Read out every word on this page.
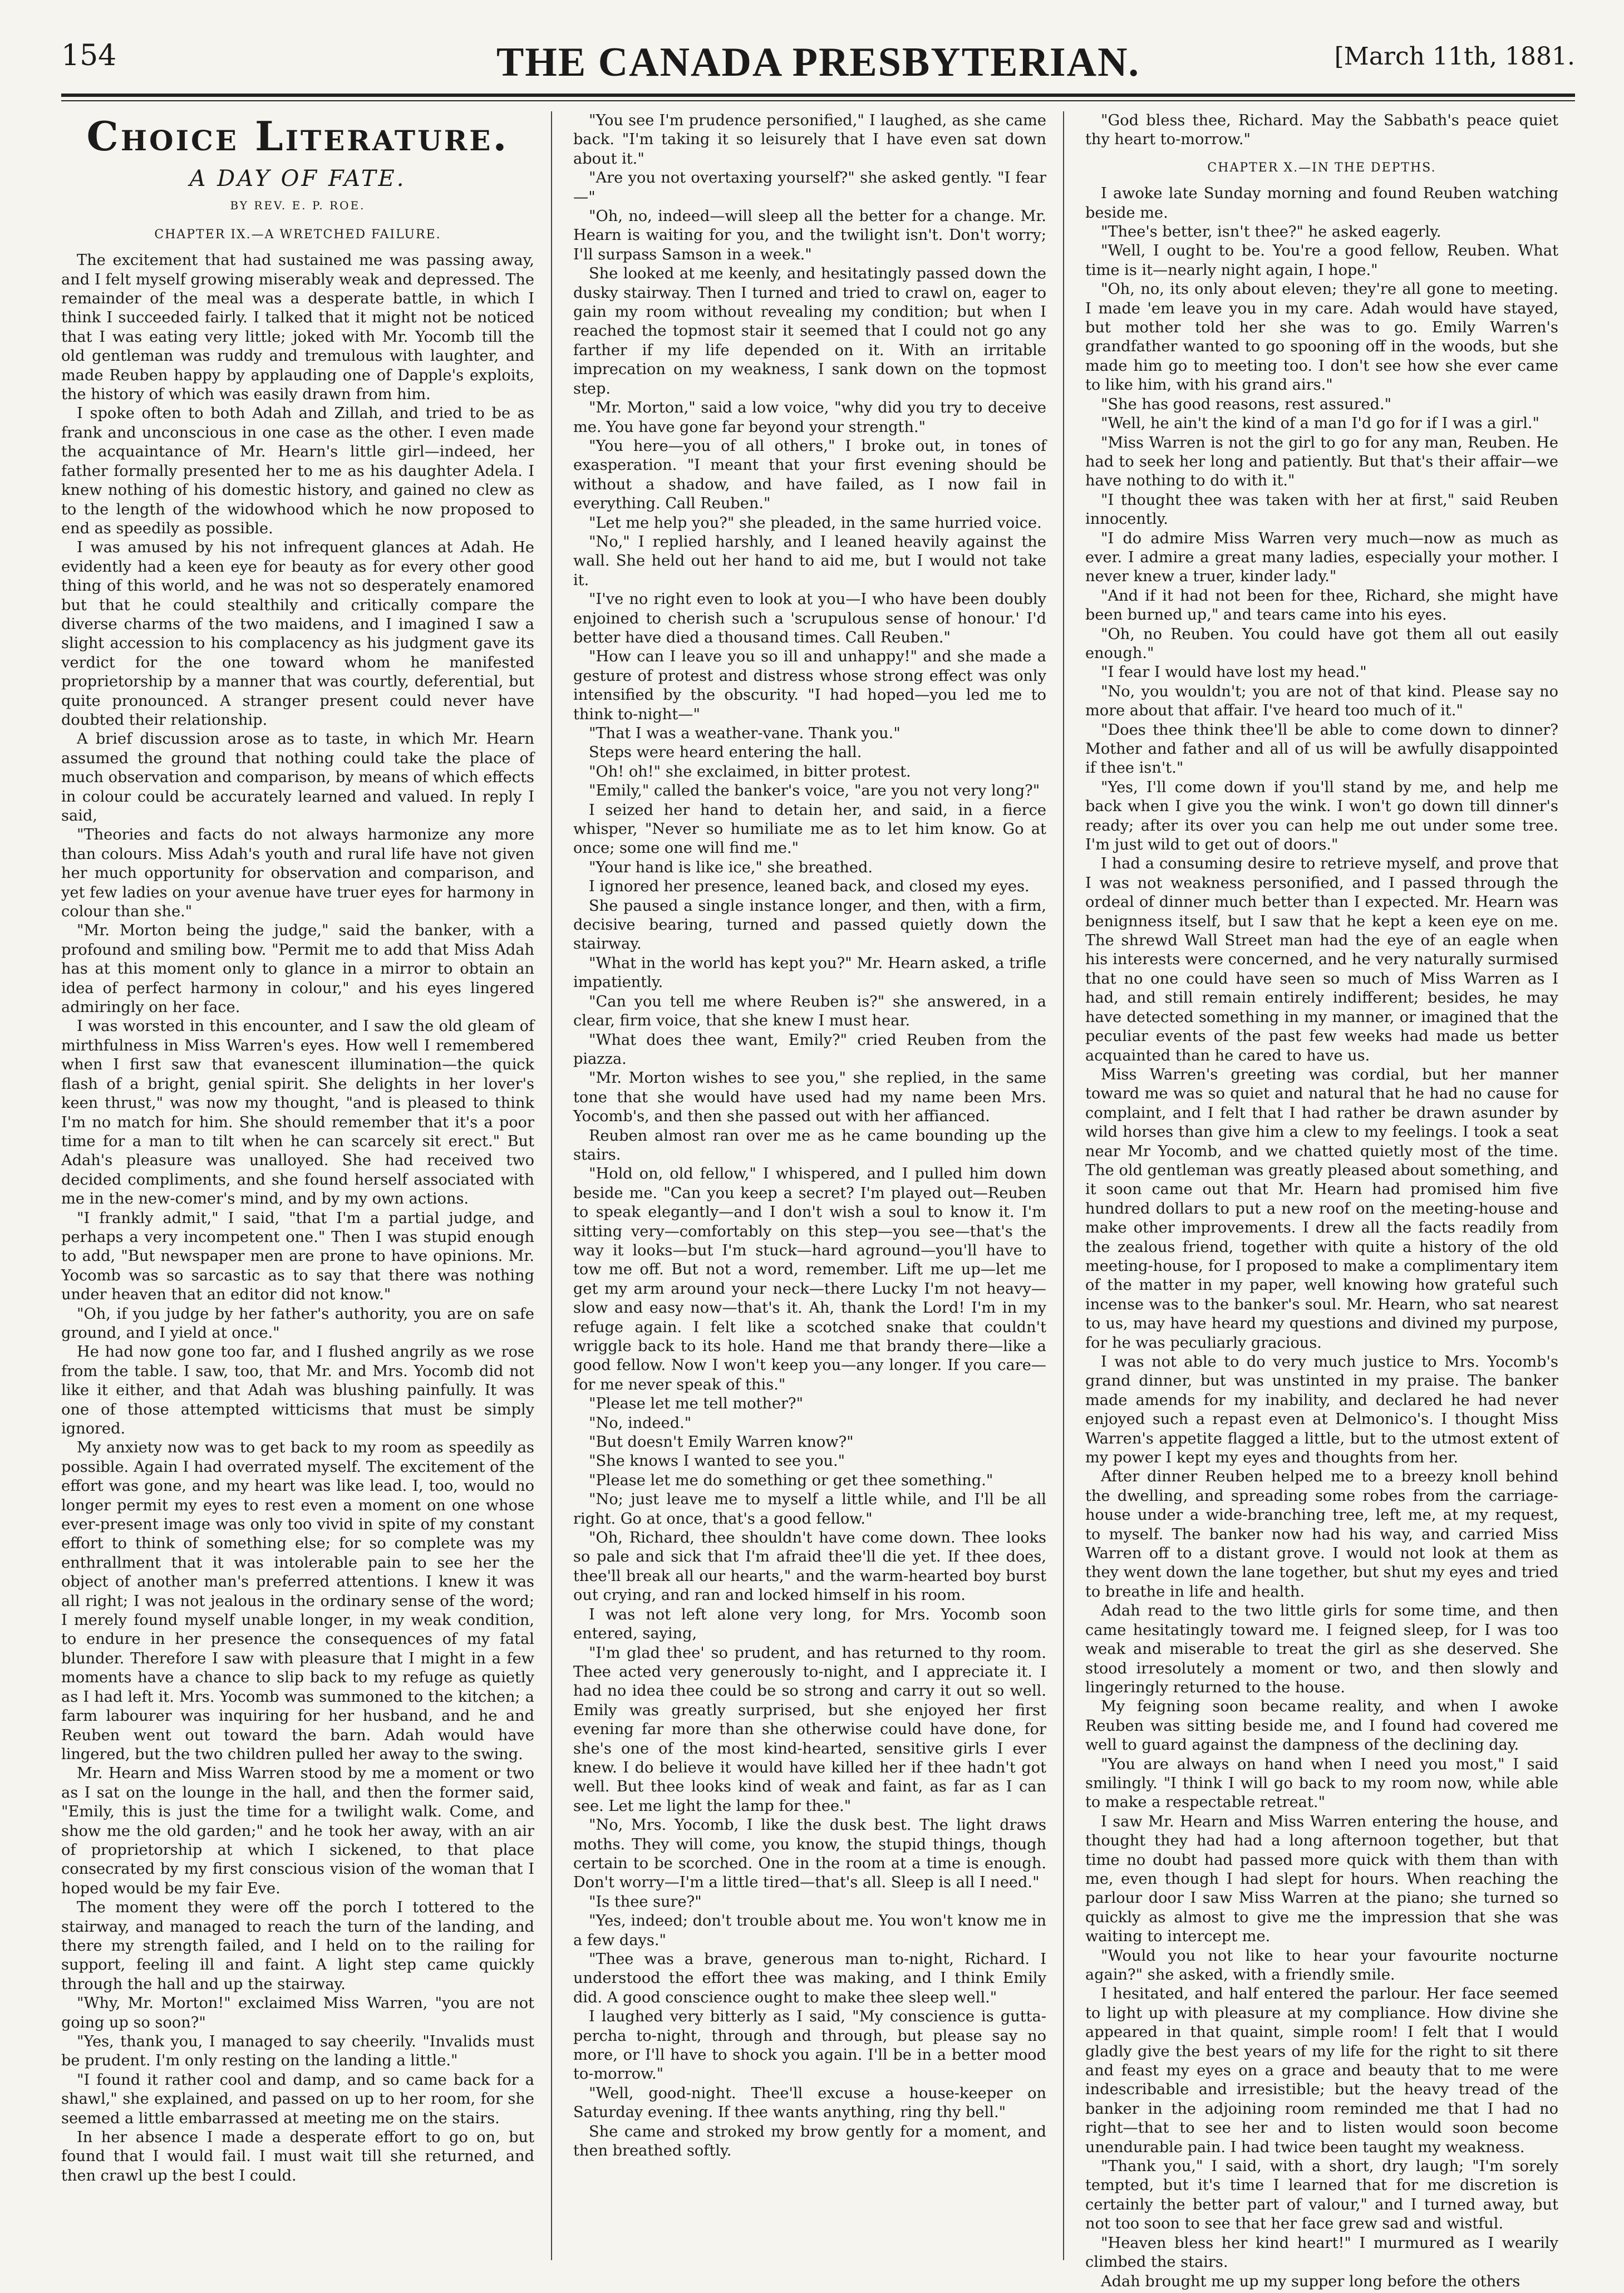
154	THE CANADA PRESBYTERIAN.	[March 11th, 1881.
Choice Literature.
A DAY OF FATE.
BY REV. E. P. ROE.
CHAPTER IX.—A WRETCHED FAILURE.

The excitement that had sustained me was passing away, and I felt myself growing miserably weak and depressed. The remainder of the meal was a desperate battle, in which I think I succeeded fairly. I talked that it might not be noticed that I was eating very little; joked with Mr. Yocomb till the old gentleman was ruddy and tremulous with laughter, and made Reuben happy by applauding one of Dapple's exploits, the history of which was easily drawn from him.

I spoke often to both Adah and Zillah, and tried to be as frank and unconscious in one case as the other. I even made the acquaintance of Mr. Hearn's little girl—indeed, her father formally presented her to me as his daughter Adela. I knew nothing of his domestic history, and gained no clew as to the length of the widowhood which he now proposed to end as speedily as possible.

I was amused by his not infrequent glances at Adah. He evidently had a keen eye for beauty as for every other good thing of this world, and he was not so desperately enamored but that he could stealthily and critically compare the diverse charms of the two maidens, and I imagined I saw a slight accession to his complacency as his judgment gave its verdict for the one toward whom he manifested proprietorship by a manner that was courtly, deferential, but quite pronounced. A stranger present could never have doubted their relationship.

A brief discussion arose as to taste, in which Mr. Hearn assumed the ground that nothing could take the place of much observation and comparison, by means of which effects in colour could be accurately learned and valued. In reply I said,

"Theories and facts do not always harmonize any more than colours. Miss Adah's youth and rural life have not given her much opportunity for observation and comparison, and yet few ladies on your avenue have truer eyes for harmony in colour than she."

"Mr. Morton being the judge," said the banker, with a profound and smiling bow. "Permit me to add that Miss Adah has at this moment only to glance in a mirror to obtain an idea of perfect harmony in colour," and his eyes lingered admiringly on her face.

I was worsted in this encounter, and I saw the old gleam of mirthfulness in Miss Warren's eyes. How well I remembered when I first saw that evanescent illumination—the quick flash of a bright, genial spirit. She delights in her lover's keen thrust," was now my thought, "and is pleased to think I'm no match for him. She should remember that it's a poor time for a man to tilt when he can scarcely sit erect." But Adah's pleasure was unalloyed. She had received two decided compliments, and she found herself associated with me in the new-comer's mind, and by my own actions.

"I frankly admit," I said, "that I'm a partial judge, and perhaps a very incompetent one." Then I was stupid enough to add, "But newspaper men are prone to have opinions. Mr. Yocomb was so sarcastic as to say that there was nothing under heaven that an editor did not know."

"Oh, if you judge by her father's authority, you are on safe ground, and I yield at once."

He had now gone too far, and I flushed angrily as we rose from the table. I saw, too, that Mr. and Mrs. Yocomb did not like it either, and that Adah was blushing painfully. It was one of those attempted witticisms that must be simply ignored.

My anxiety now was to get back to my room as speedily as possible. Again I had overrated myself. The excitement of the effort was gone, and my heart was like lead. I, too, would no longer permit my eyes to rest even a moment on one whose ever-present image was only too vivid in spite of my constant effort to think of something else; for so complete was my enthrallment that it was intolerable pain to see her the object of another man's preferred attentions. I knew it was all right; I was not jealous in the ordinary sense of the word; I merely found myself unable longer, in my weak condition, to endure in her presence the consequences of my fatal blunder. Therefore I saw with pleasure that I might in a few moments have a chance to slip back to my refuge as quietly as I had left it. Mrs. Yocomb was summoned to the kitchen; a farm labourer was inquiring for her husband, and he and Reuben went out toward the barn. Adah would have lingered, but the two children pulled her away to the swing.

Mr. Hearn and Miss Warren stood by me a moment or two as I sat on the lounge in the hall, and then the former said, "Emily, this is just the time for a twilight walk. Come, and show me the old garden;" and he took her away, with an air of proprietorship at which I sickened, to that place consecrated by my first conscious vision of the woman that I hoped would be my fair Eve.

The moment they were off the porch I tottered to the stairway, and managed to reach the turn of the landing, and there my strength failed, and I held on to the railing for support, feeling ill and faint. A light step came quickly through the hall and up the stairway.

"Why, Mr. Morton!" exclaimed Miss Warren, "you are not going up so soon?"

"Yes, thank you, I managed to say cheerily. "Invalids must be prudent. I'm only resting on the landing a little."

"I found it rather cool and damp, and so came back for a shawl," she explained, and passed on up to her room, for she seemed a little embarrassed at meeting me on the stairs.

In her absence I made a desperate effort to go on, but found that I would fail. I must wait till she returned, and then crawl up the best I could.

"You see I'm prudence personified," I laughed, as she came back. "I'm taking it so leisurely that I have even sat down about it."

"Are you not overtaxing yourself?" she asked gently. "I fear—"

"Oh, no, indeed—will sleep all the better for a change. Mr. Hearn is waiting for you, and the twilight isn't. Don't worry; I'll surpass Samson in a week."

She looked at me keenly, and hesitatingly passed down the dusky stairway. Then I turned and tried to crawl on, eager to gain my room without revealing my condition; but when I reached the topmost stair it seemed that I could not go any farther if my life depended on it. With an irritable imprecation on my weakness, I sank down on the topmost step.

"Mr. Morton," said a low voice, "why did you try to deceive me. You have gone far beyond your strength."

"You here—you of all others," I broke out, in tones of exasperation. "I meant that your first evening should be without a shadow, and have failed, as I now fail in everything. Call Reuben."

"Let me help you?" she pleaded, in the same hurried voice.

"No," I replied harshly, and I leaned heavily against the wall. She held out her hand to aid me, but I would not take it.

"I've no right even to look at you—I who have been doubly enjoined to cherish such a 'scrupulous sense of honour.' I'd better have died a thousand times. Call Reuben."

"How can I leave you so ill and unhappy!" and she made a gesture of protest and distress whose strong effect was only intensified by the obscurity. "I had hoped—you led me to think to-night—"

"That I was a weather-vane. Thank you."

Steps were heard entering the hall.

"Oh! oh!" she exclaimed, in bitter protest.

"Emily," called the banker's voice, "are you not very long?"

I seized her hand to detain her, and said, in a fierce whisper, "Never so humiliate me as to let him know. Go at once; some one will find me."

"Your hand is like ice," she breathed.

I ignored her presence, leaned back, and closed my eyes.

She paused a single instance longer, and then, with a firm, decisive bearing, turned and passed quietly down the stairway.

"What in the world has kept you?" Mr. Hearn asked, a trifle impatiently.

"Can you tell me where Reuben is?" she answered, in a clear, firm voice, that she knew I must hear.

"What does thee want, Emily?" cried Reuben from the piazza.

"Mr. Morton wishes to see you," she replied, in the same tone that she would have used had my name been Mrs. Yocomb's, and then she passed out with her affianced.

Reuben almost ran over me as he came bounding up the stairs.

"Hold on, old fellow," I whispered, and I pulled him down beside me. "Can you keep a secret? I'm played out—Reuben to speak elegantly—and I don't wish a soul to know it. I'm sitting very—comfortably on this step—you see—that's the way it looks—but I'm stuck—hard aground—you'll have to tow me off. But not a word, remember. Lift me up—let me get my arm around your neck—there Lucky I'm not heavy—slow and easy now—that's it. Ah, thank the Lord! I'm in my refuge again. I felt like a scotched snake that couldn't wriggle back to its hole. Hand me that brandy there—like a good fellow. Now I won't keep you—any longer. If you care—for me never speak of this."

"Please let me tell mother?"

"No, indeed."

"But doesn't Emily Warren know?"

"She knows I wanted to see you."

"Please let me do something or get thee something."

"No; just leave me to myself a little while, and I'll be all right. Go at once, that's a good fellow."

"Oh, Richard, thee shouldn't have come down. Thee looks so pale and sick that I'm afraid thee'll die yet. If thee does, thee'll break all our hearts," and the warm-hearted boy burst out crying, and ran and locked himself in his room.

I was not left alone very long, for Mrs. Yocomb soon entered, saying,

"I'm glad thee' so prudent, and has returned to thy room. Thee acted very generously to-night, and I appreciate it. I had no idea thee could be so strong and carry it out so well. Emily was greatly surprised, but she enjoyed her first evening far more than she otherwise could have done, for she's one of the most kind-hearted, sensitive girls I ever knew. I do believe it would have killed her if thee hadn't got well. But thee looks kind of weak and faint, as far as I can see. Let me light the lamp for thee."

"No, Mrs. Yocomb, I like the dusk best. The light draws moths. They will come, you know, the stupid things, though certain to be scorched. One in the room at a time is enough. Don't worry—I'm a little tired—that's all. Sleep is all I need."

"Is thee sure?"

"Yes, indeed; don't trouble about me. You won't know me in a few days."

"Thee was a brave, generous man to-night, Richard. I understood the effort thee was making, and I think Emily did. A good conscience ought to make thee sleep well."

I laughed very bitterly as I said, "My conscience is gutta-percha to-night, through and through, but please say no more, or I'll have to shock you again. I'll be in a better mood to-morrow."

"Well, good-night. Thee'll excuse a house-keeper on Saturday evening. If thee wants anything, ring thy bell."

She came and stroked my brow gently for a moment, and then breathed softly.

"God bless thee, Richard. May the Sabbath's peace quiet thy heart to-morrow."

CHAPTER X.—IN THE DEPTHS.

I awoke late Sunday morning and found Reuben watching beside me.

"Thee's better, isn't thee?" he asked eagerly.

"Well, I ought to be. You're a good fellow, Reuben. What time is it—nearly night again, I hope."

"Oh, no, its only about eleven; they're all gone to meeting. I made 'em leave you in my care. Adah would have stayed, but mother told her she was to go. Emily Warren's grandfather wanted to go spooning off in the woods, but she made him go to meeting too. I don't see how she ever came to like him, with his grand airs."

"She has good reasons, rest assured."

"Well, he ain't the kind of a man I'd go for if I was a girl."

"Miss Warren is not the girl to go for any man, Reuben. He had to seek her long and patiently. But that's their affair—we have nothing to do with it."

"I thought thee was taken with her at first," said Reuben innocently.

"I do admire Miss Warren very much—now as much as ever. I admire a great many ladies, especially your mother. I never knew a truer, kinder lady."

"And if it had not been for thee, Richard, she might have been burned up," and tears came into his eyes.

"Oh, no Reuben. You could have got them all out easily enough."

"I fear I would have lost my head."

"No, you wouldn't; you are not of that kind. Please say no more about that affair. I've heard too much of it."

"Does thee think thee'll be able to come down to dinner? Mother and father and all of us will be awfully disappointed if thee isn't."

"Yes, I'll come down if you'll stand by me, and help me back when I give you the wink. I won't go down till dinner's ready; after its over you can help me out under some tree. I'm just wild to get out of doors."

I had a consuming desire to retrieve myself, and prove that I was not weakness personified, and I passed through the ordeal of dinner much better than I expected. Mr. Hearn was benignness itself, but I saw that he kept a keen eye on me. The shrewd Wall Street man had the eye of an eagle when his interests were concerned, and he very naturally surmised that no one could have seen so much of Miss Warren as I had, and still remain entirely indifferent; besides, he may have detected something in my manner, or imagined that the peculiar events of the past few weeks had made us better acquainted than he cared to have us.

Miss Warren's greeting was cordial, but her manner toward me was so quiet and natural that he had no cause for complaint, and I felt that I had rather be drawn asunder by wild horses than give him a clew to my feelings. I took a seat near Mr Yocomb, and we chatted quietly most of the time. The old gentleman was greatly pleased about something, and it soon came out that Mr. Hearn had promised him five hundred dollars to put a new roof on the meeting-house and make other improvements. I drew all the facts readily from the zealous friend, together with quite a history of the old meeting-house, for I proposed to make a complimentary item of the matter in my paper, well knowing how grateful such incense was to the banker's soul. Mr. Hearn, who sat nearest to us, may have heard my questions and divined my purpose, for he was peculiarly gracious.

I was not able to do very much justice to Mrs. Yocomb's grand dinner, but was unstinted in my praise. The banker made amends for my inability, and declared he had never enjoyed such a repast even at Delmonico's. I thought Miss Warren's appetite flagged a little, but to the utmost extent of my power I kept my eyes and thoughts from her.

After dinner Reuben helped me to a breezy knoll behind the dwelling, and spreading some robes from the carriage-house under a wide-branching tree, left me, at my request, to myself. The banker now had his way, and carried Miss Warren off to a distant grove. I would not look at them as they went down the lane together, but shut my eyes and tried to breathe in life and health.

Adah read to the two little girls for some time, and then came hesitatingly toward me. I feigned sleep, for I was too weak and miserable to treat the girl as she deserved. She stood irresolutely a moment or two, and then slowly and lingeringly returned to the house.

My feigning soon became reality, and when I awoke Reuben was sitting beside me, and I found had covered me well to guard against the dampness of the declining day.

"You are always on hand when I need you most," I said smilingly. "I think I will go back to my room now, while able to make a respectable retreat."

I saw Mr. Hearn and Miss Warren entering the house, and thought they had had a long afternoon together, but that time no doubt had passed more quick with them than with me, even though I had slept for hours. When reaching the parlour door I saw Miss Warren at the piano; she turned so quickly as almost to give me the impression that she was waiting to intercept me.

"Would you not like to hear your favourite nocturne again?" she asked, with a friendly smile.

I hesitated, and half entered the parlour. Her face seemed to light up with pleasure at my compliance. How divine she appeared in that quaint, simple room! I felt that I would gladly give the best years of my life for the right to sit there and feast my eyes on a grace and beauty that to me were indescribable and irresistible; but the heavy tread of the banker in the adjoining room reminded me that I had no right—that to see her and to listen would soon become unendurable pain. I had twice been taught my weakness.

"Thank you," I said, with a short, dry laugh; "I'm sorely tempted, but it's time I learned that for me discretion is certainly the better part of valour," and I turned away, but not too soon to see that her face grew sad and wistful.

"Heaven bless her kind heart!" I murmured as I wearily climbed the stairs.

Adah brought me up my supper long before the others
